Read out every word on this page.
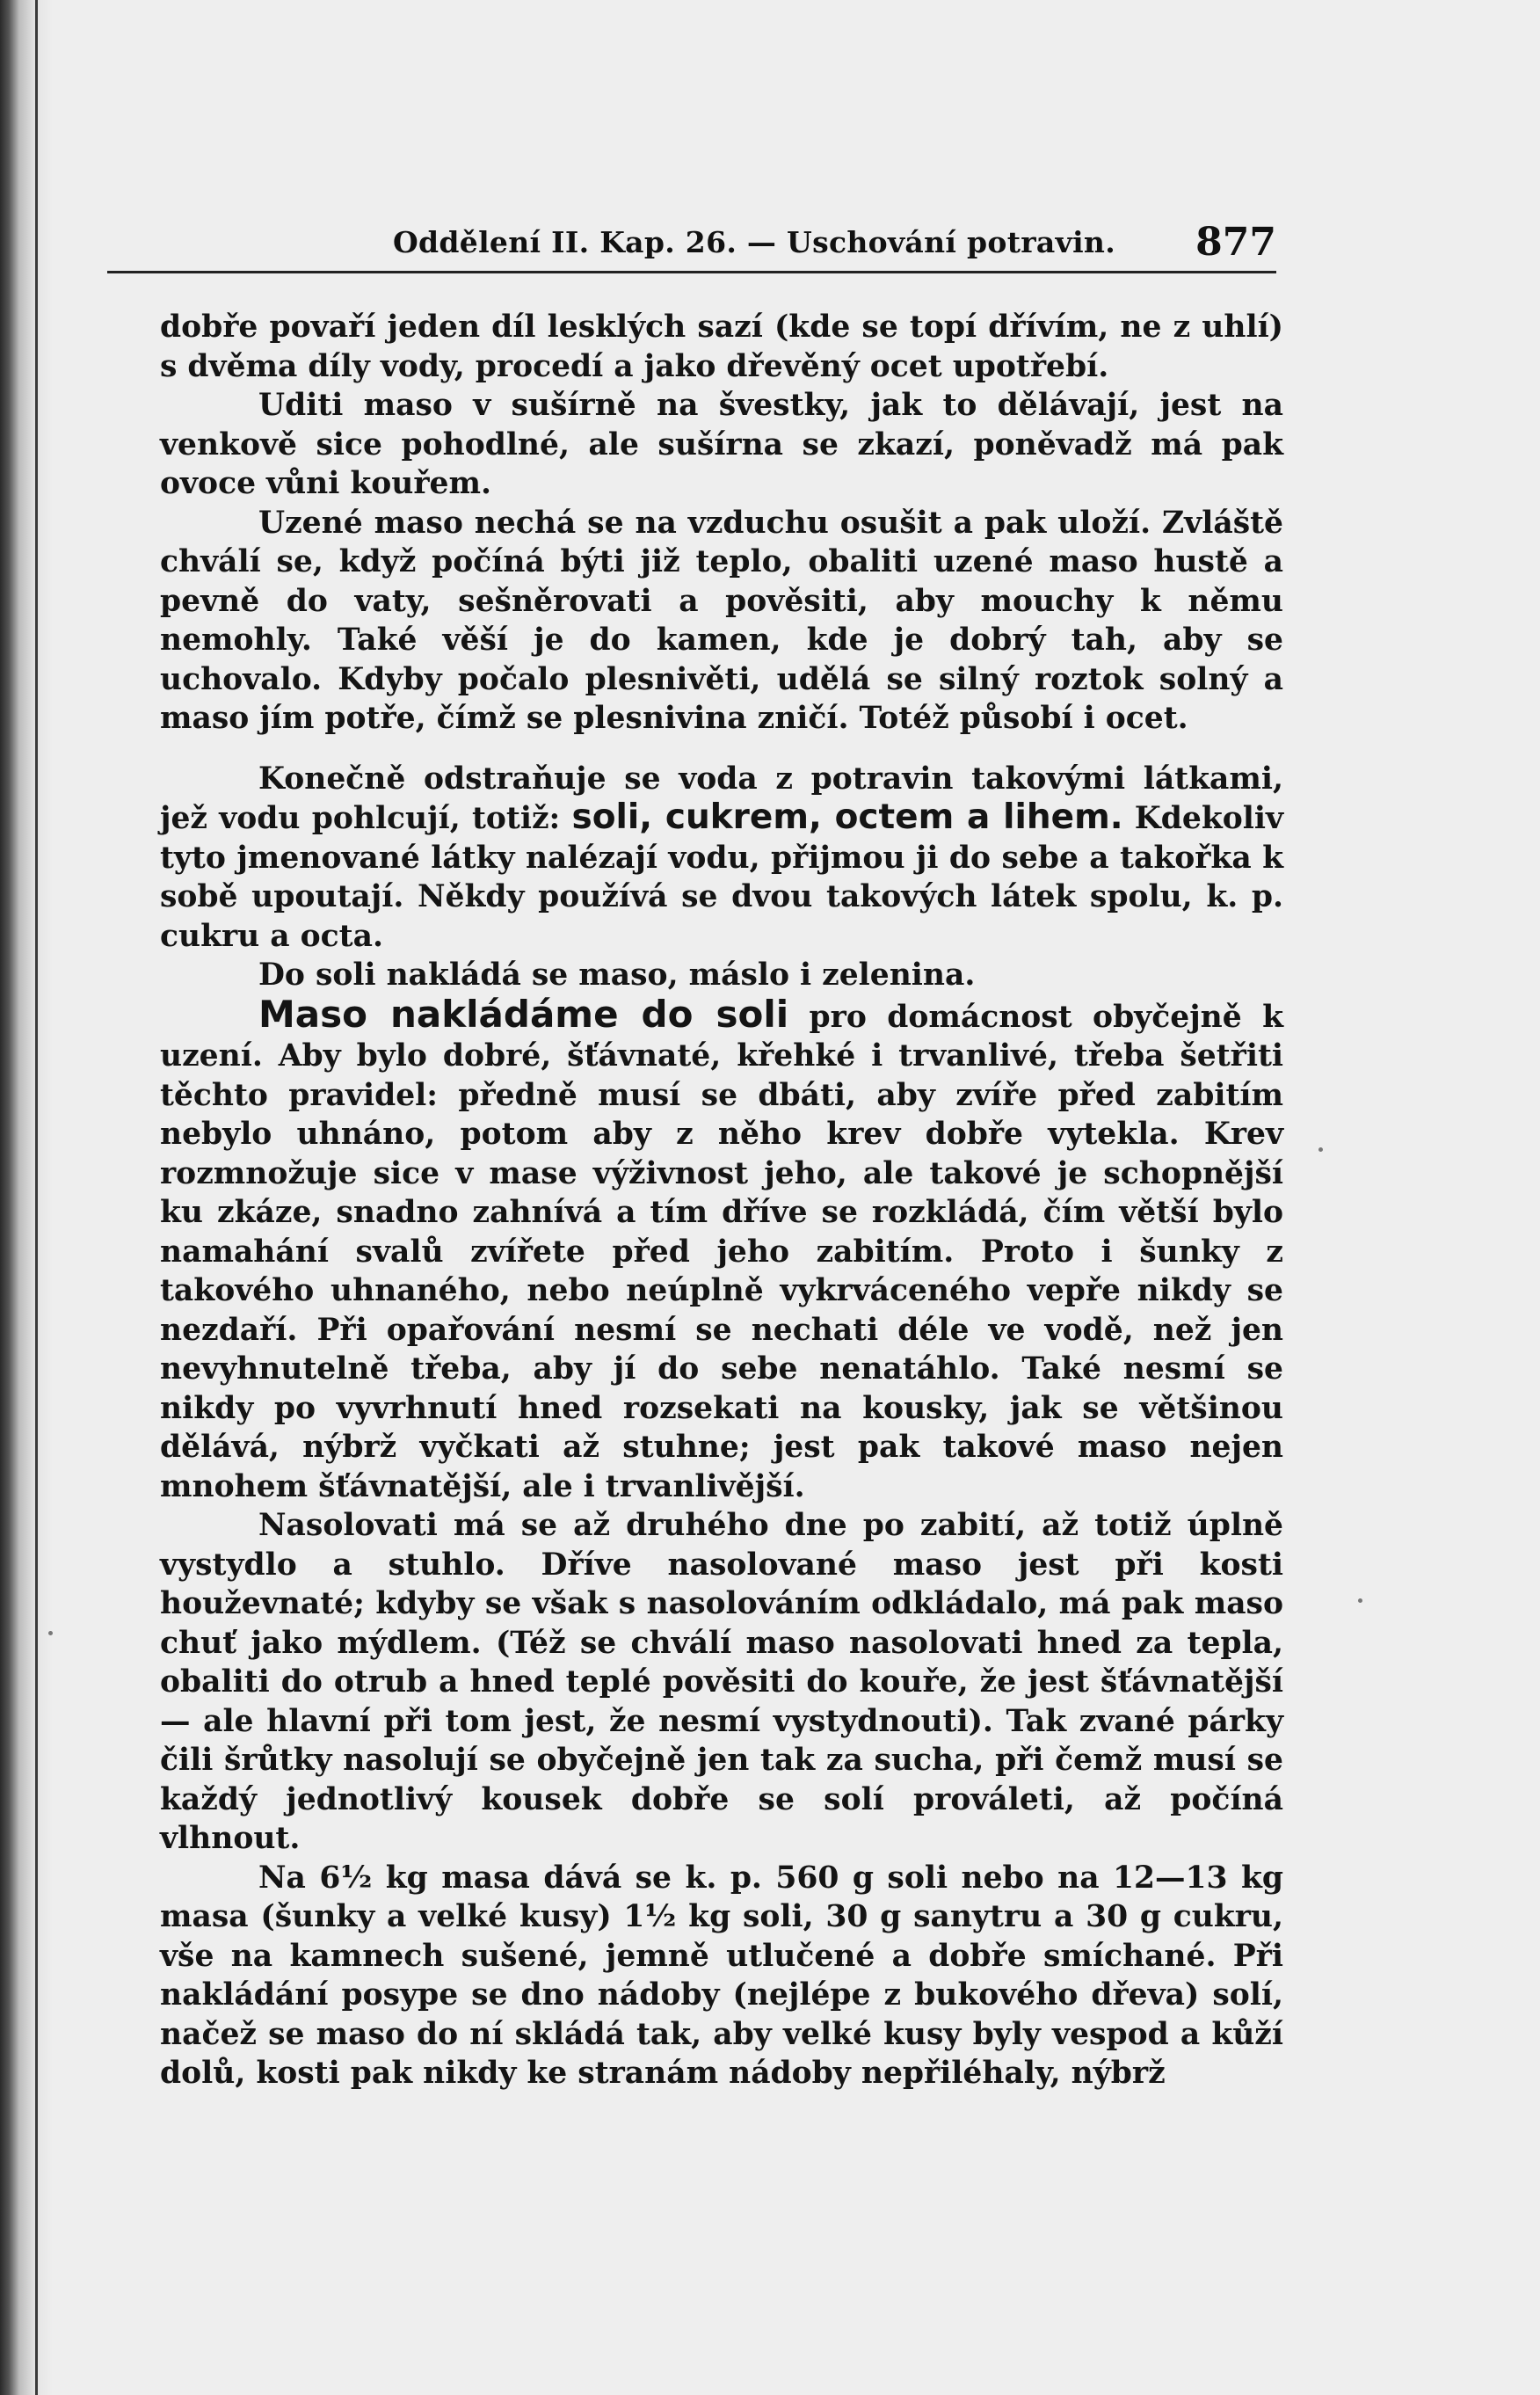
Oddělení II. Kap. 26. — Uschování potravin. 877

dobře povaří jeden díl lesklých sazí (kde se topí dřívím, ne z uhlí) s dvěma díly vody, procedí a jako dřevěný ocet upotřebí.

Uditi maso v sušírně na švestky, jak to dělávají, jest na venkově sice pohodlné, ale sušírna se zkazí, poněvadž má pak ovoce vůni kouřem.

Uzené maso nechá se na vzduchu osušit a pak uloží. Zvláště chválí se, když počíná býti již teplo, obaliti uzené maso hustě a pevně do vaty, sešněrovati a pověsiti, aby mouchy k němu nemohly. Také věší je do kamen, kde je dobrý tah, aby se uchovalo. Kdyby počalo plesnivěti, udělá se silný roztok solný a maso jím potře, čímž se plesnivina zničí. Totéž působí i ocet.

Konečně odstraňuje se voda z potravin takovými látkami, jež vodu pohlcují, totiž: soli, cukrem, octem a lihem. Kdekoliv tyto jmenované látky nalézají vodu, přijmou ji do sebe a takořka k sobě upoutají. Někdy používá se dvou takových látek spolu, k. p. cukru a octa.

Do soli nakládá se maso, máslo i zelenina.

Maso nakládáme do soli pro domácnost obyčejně k uzení. Aby bylo dobré, šťávnaté, křehké i trvanlivé, třeba šetřiti těchto pravidel: předně musí se dbáti, aby zvíře před zabitím nebylo uhnáno, potom aby z něho krev dobře vytekla. Krev rozmnožuje sice v mase výživnost jeho, ale takové je schopnější ku zkáze, snadno zahnívá a tím dříve se rozkládá, čím větší bylo namahání svalů zvířete před jeho zabitím. Proto i šunky z takového uhnaného, nebo neúplně vykrváceného vepře nikdy se nezdaří. Při opařování nesmí se nechati déle ve vodě, než jen nevyhnutelně třeba, aby jí do sebe nenatáhlo. Také nesmí se nikdy po vyvrhnutí hned rozsekati na kousky, jak se většinou dělává, nýbrž vyčkati až stuhne; jest pak takové maso nejen mnohem šťávnatější, ale i trvanlivější.

Nasolovati má se až druhého dne po zabití, až totiž úplně vystydlo a stuhlo. Dříve nasolované maso jest při kosti houževnaté; kdyby se však s nasolováním odkládalo, má pak maso chuť jako mýdlem. (Též se chválí maso nasolovati hned za tepla, obaliti do otrub a hned teplé pověsiti do kouře, že jest šťávnatější — ale hlavní při tom jest, že nesmí vystydnouti). Tak zvané párky čili šrůtky nasolují se obyčejně jen tak za sucha, při čemž musí se každý jednotlivý kousek dobře se solí prováleti, až počíná vlhnout.

Na 6½ kg masa dává se k. p. 560 g soli nebo na 12—13 kg masa (šunky a velké kusy) 1½ kg soli, 30 g sanytru a 30 g cukru, vše na kamnech sušené, jemně utlučené a dobře smíchané. Při nakládání posype se dno nádoby (nejlépe z bukového dřeva) solí, načež se maso do ní skládá tak, aby velké kusy byly vespod a kůží dolů, kosti pak nikdy ke stranám nádoby nepřiléhaly, nýbrž
